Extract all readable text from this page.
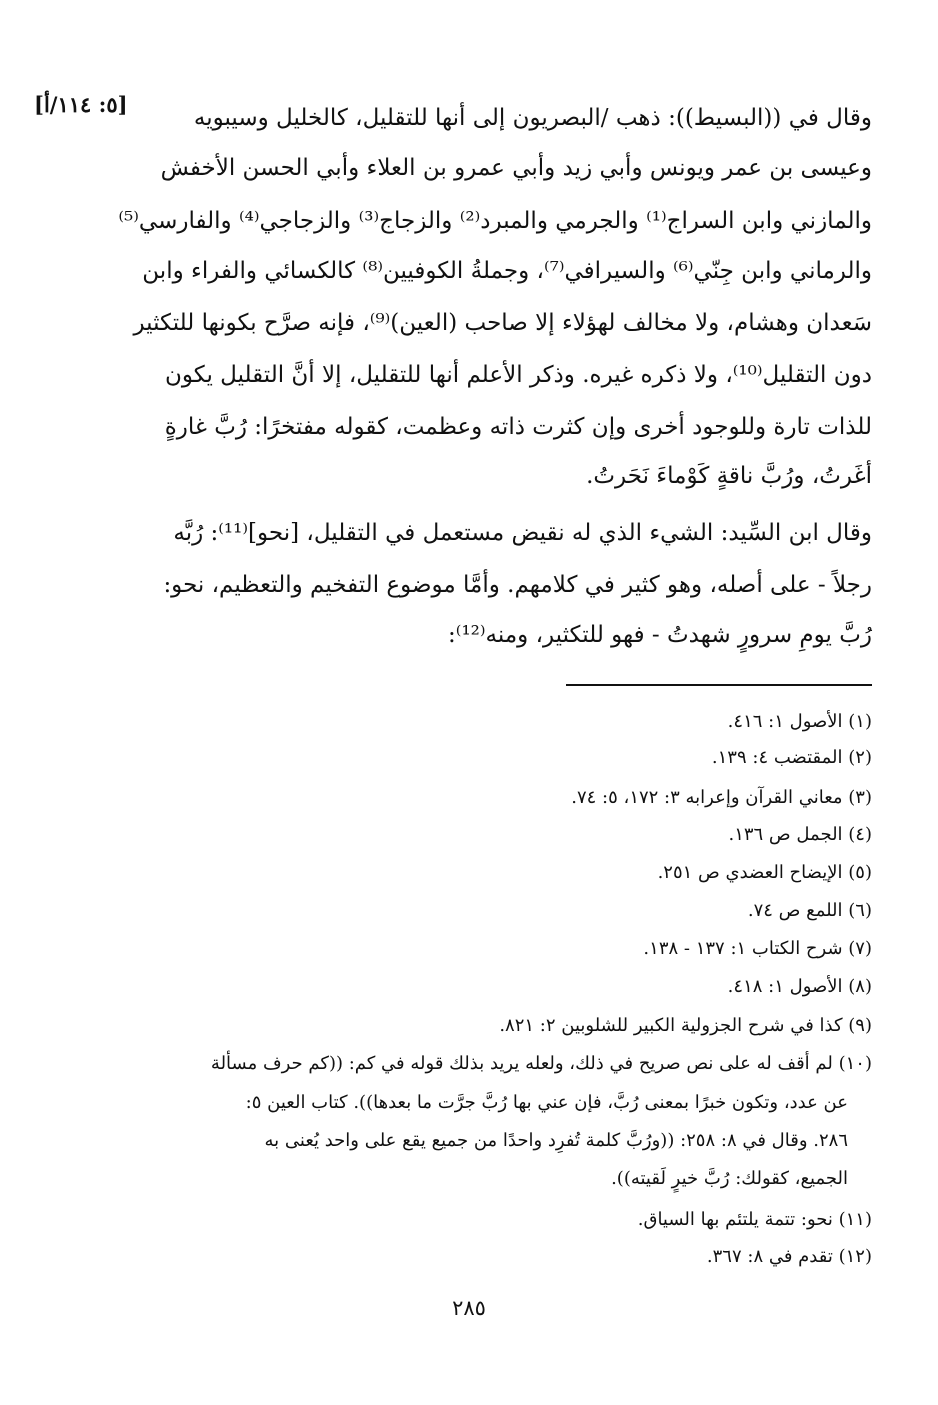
[٥: ١١٤/أ]
وقال في ((البسيط)): ذهب /البصريون إلى أنها للتقليل، كالخليل وسيبويه
وعيسى بن عمر ويونس وأبي زيد وأبي عمرو بن العلاء وأبي الحسن الأخفش
والمازني وابن السراج⁽¹⁾ والجرمي والمبرد⁽²⁾ والزجاج⁽³⁾ والزجاجي⁽⁴⁾ والفارسي⁽⁵⁾
والرماني وابن جِنّي⁽⁶⁾ والسيرافي⁽⁷⁾، وجملةُ الكوفيين⁽⁸⁾ كالكسائي والفراء وابن
سَعدان وهشام، ولا مخالف لهؤلاء إلا صاحب (العين)⁽⁹⁾، فإنه صرَّح بكونها للتكثير
دون التقليل⁽¹⁰⁾، ولا ذكره غيره. وذكر الأعلم أنها للتقليل، إلا أنَّ التقليل يكون
للذات تارة وللوجود أخرى وإن كثرت ذاته وعظمت، كقوله مفتخرًا: رُبَّ غارةٍ
أغَرتُ، ورُبَّ ناقةٍ كَوْماءَ نَحَرتُ.
وقال ابن السِّيد: الشيء الذي له نقيض مستعمل في التقليل، [نحو]⁽¹¹⁾: رُبَّه
رجلاً - على أصله، وهو كثير في كلامهم. وأمَّا موضوع التفخيم والتعظيم، نحو:
رُبَّ يومِ سرورٍ شهدتُ - فهو للتكثير، ومنه⁽¹²⁾:
(١) الأصول ١: ٤١٦.
(٢) المقتضب ٤: ١٣٩.
(٣) معاني القرآن وإعرابه ٣: ١٧٢، ٥: ٧٤.
(٤) الجمل ص ١٣٦.
(٥) الإيضاح العضدي ص ٢٥١.
(٦) اللمع ص ٧٤.
(٧) شرح الكتاب ١: ١٣٧ - ١٣٨.
(٨) الأصول ١: ٤١٨.
(٩) كذا في شرح الجزولية الكبير للشلوبين ٢: ٨٢١.
(١٠) لم أقف له على نص صريح في ذلك، ولعله يريد بذلك قوله في كم: ((كم حرف مسألة
عن عدد، وتكون خبرًا بمعنى رُبَّ، فإن عني بها رُبَّ جرَّت ما بعدها)). كتاب العين ٥:
٢٨٦. وقال في ٨: ٢٥٨: ((ورُبَّ كلمة تُفرِد واحدًا من جميع يقع على واحد يُعنى به
الجميع، كقولك: رُبَّ خيرٍ لَقيته)).
(١١) نحو: تتمة يلتئم بها السياق.
(١٢) تقدم في ٨: ٣٦٧.
٢٨٥
